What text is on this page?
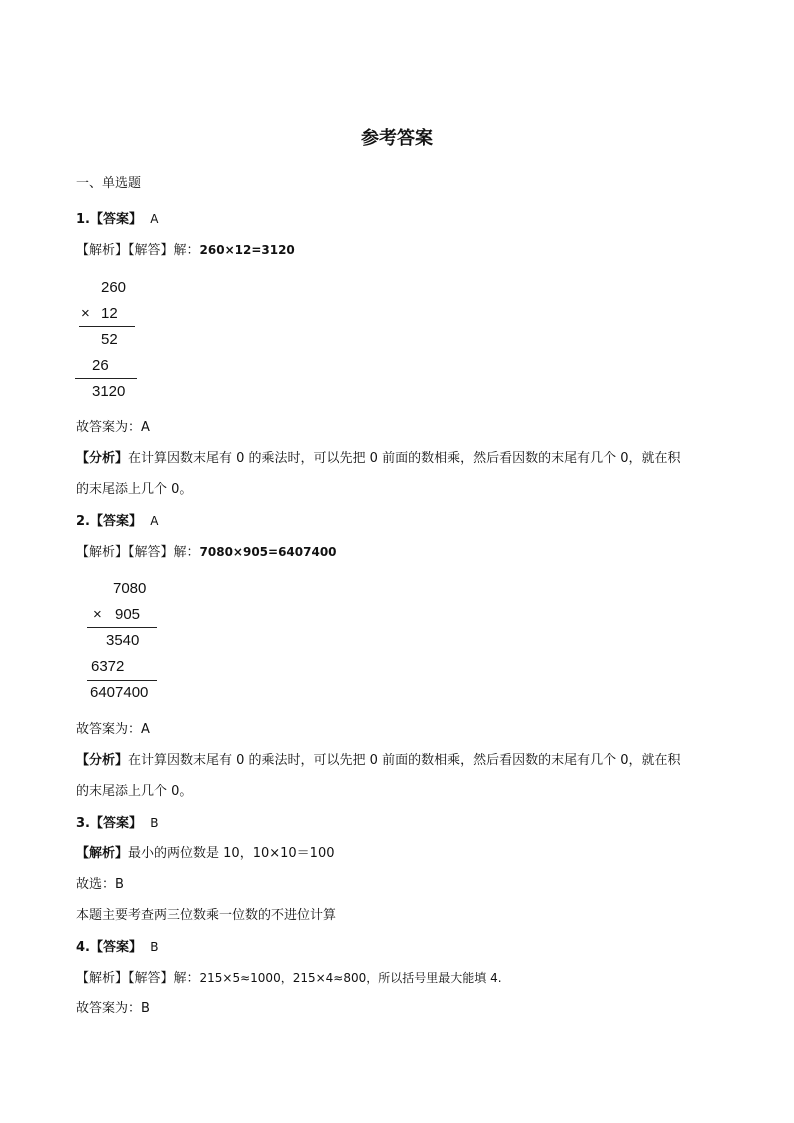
参考答案
一、单选题
1.【答案】 A
【解析】【解答】解：260×12=3120
260
× 12
52
26
3120
故答案为：A
【分析】在计算因数末尾有 0 的乘法时，可以先把 0 前面的数相乘，然后看因数的末尾有几个 0，就在积
的末尾添上几个 0。
2.【答案】 A
【解析】【解答】解：7080×905=6407400
7080
× 905
3540
6372
6407400
故答案为：A
【分析】在计算因数末尾有 0 的乘法时，可以先把 0 前面的数相乘，然后看因数的末尾有几个 0，就在积
的末尾添上几个 0。
3.【答案】 B
【解析】最小的两位数是 10，10×10＝100
故选：B
本题主要考查两三位数乘一位数的不进位计算
4.【答案】 B
【解析】【解答】解：215×5≈1000，215×4≈800，所以括号里最大能填 4.
故答案为：B
